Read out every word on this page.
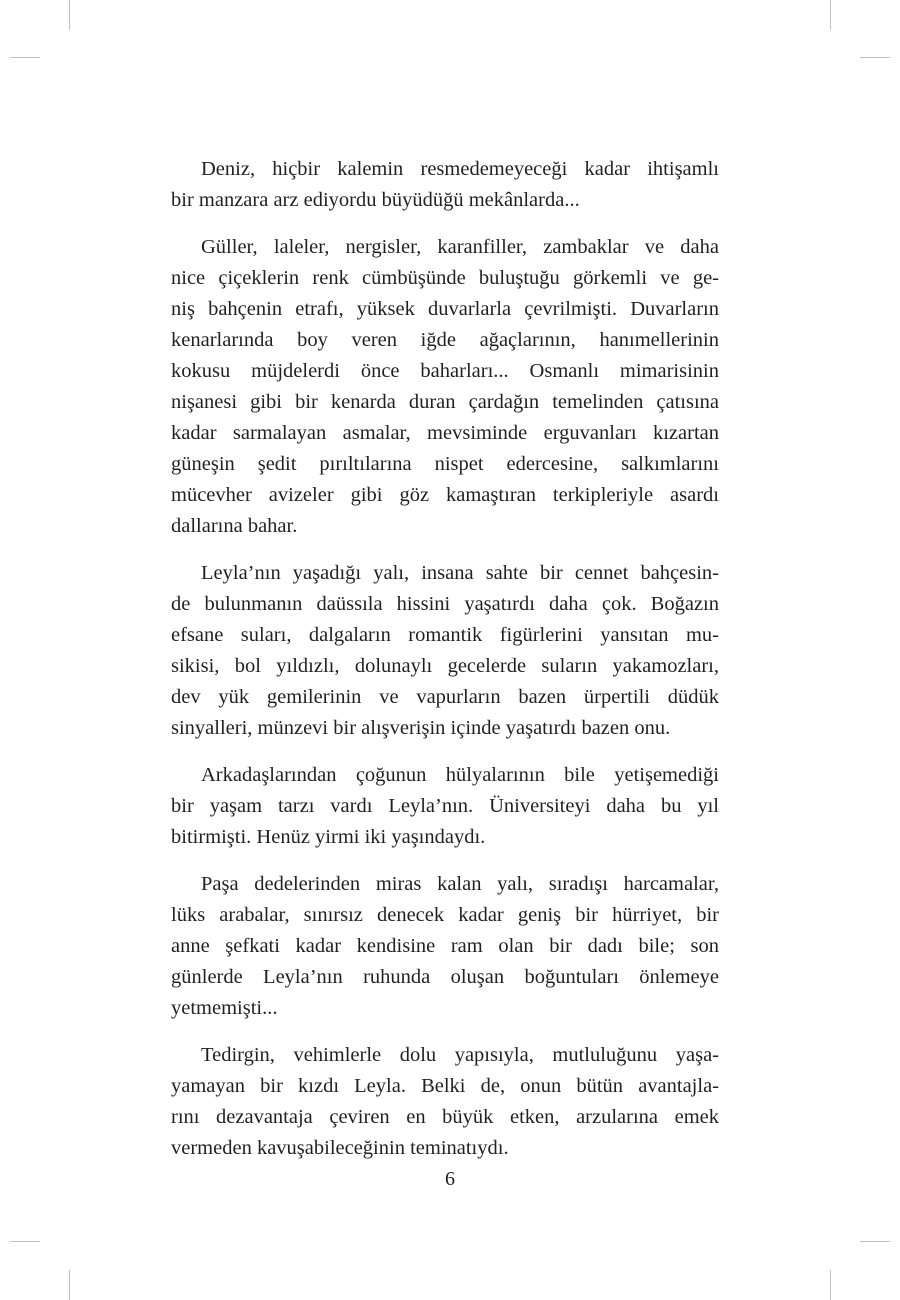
Deniz, hiçbir kalemin resmedemeyeceği kadar ihtişamlı
bir manzara arz ediyordu büyüdüğü mekânlarda...

Güller, laleler, nergisler, karanfiller, zambaklar ve daha
nice çiçeklerin renk cümbüşünde buluştuğu görkemli ve ge-
niş bahçenin etrafı, yüksek duvarlarla çevrilmişti. Duvarların
kenarlarında boy veren iğde ağaçlarının, hanımellerinin
kokusu müjdelerdi önce baharları... Osmanlı mimarisinin
nişanesi gibi bir kenarda duran çardağın temelinden çatısına
kadar sarmalayan asmalar, mevsiminde erguvanları kızartan
güneşin şedit pırıltılarına nispet edercesine, salkımlarını
mücevher avizeler gibi göz kamaştıran terkipleriyle asardı
dallarına bahar.

Leyla’nın yaşadığı yalı, insana sahte bir cennet bahçesin-
de bulunmanın daüssıla hissini yaşatırdı daha çok. Boğazın
efsane suları, dalgaların romantik figürlerini yansıtan mu-
sikisi, bol yıldızlı, dolunaylı gecelerde suların yakamozları,
dev yük gemilerinin ve vapurların bazen ürpertili düdük
sinyalleri, münzevi bir alışverişin içinde yaşatırdı bazen onu.

Arkadaşlarından çoğunun hülyalarının bile yetişemediği
bir yaşam tarzı vardı Leyla’nın. Üniversiteyi daha bu yıl
bitirmişti. Henüz yirmi iki yaşındaydı.

Paşa dedelerinden miras kalan yalı, sıradışı harcamalar,
lüks arabalar, sınırsız denecek kadar geniş bir hürriyet, bir
anne şefkati kadar kendisine ram olan bir dadı bile; son
günlerde Leyla’nın ruhunda oluşan boğuntuları önlemeye
yetmemişti...

Tedirgin, vehimlerle dolu yapısıyla, mutluluğunu yaşa-
yamayan bir kızdı Leyla. Belki de, onun bütün avantajla-
rını dezavantaja çeviren en büyük etken, arzularına emek
vermeden kavuşabileceğinin teminatıydı.

6
